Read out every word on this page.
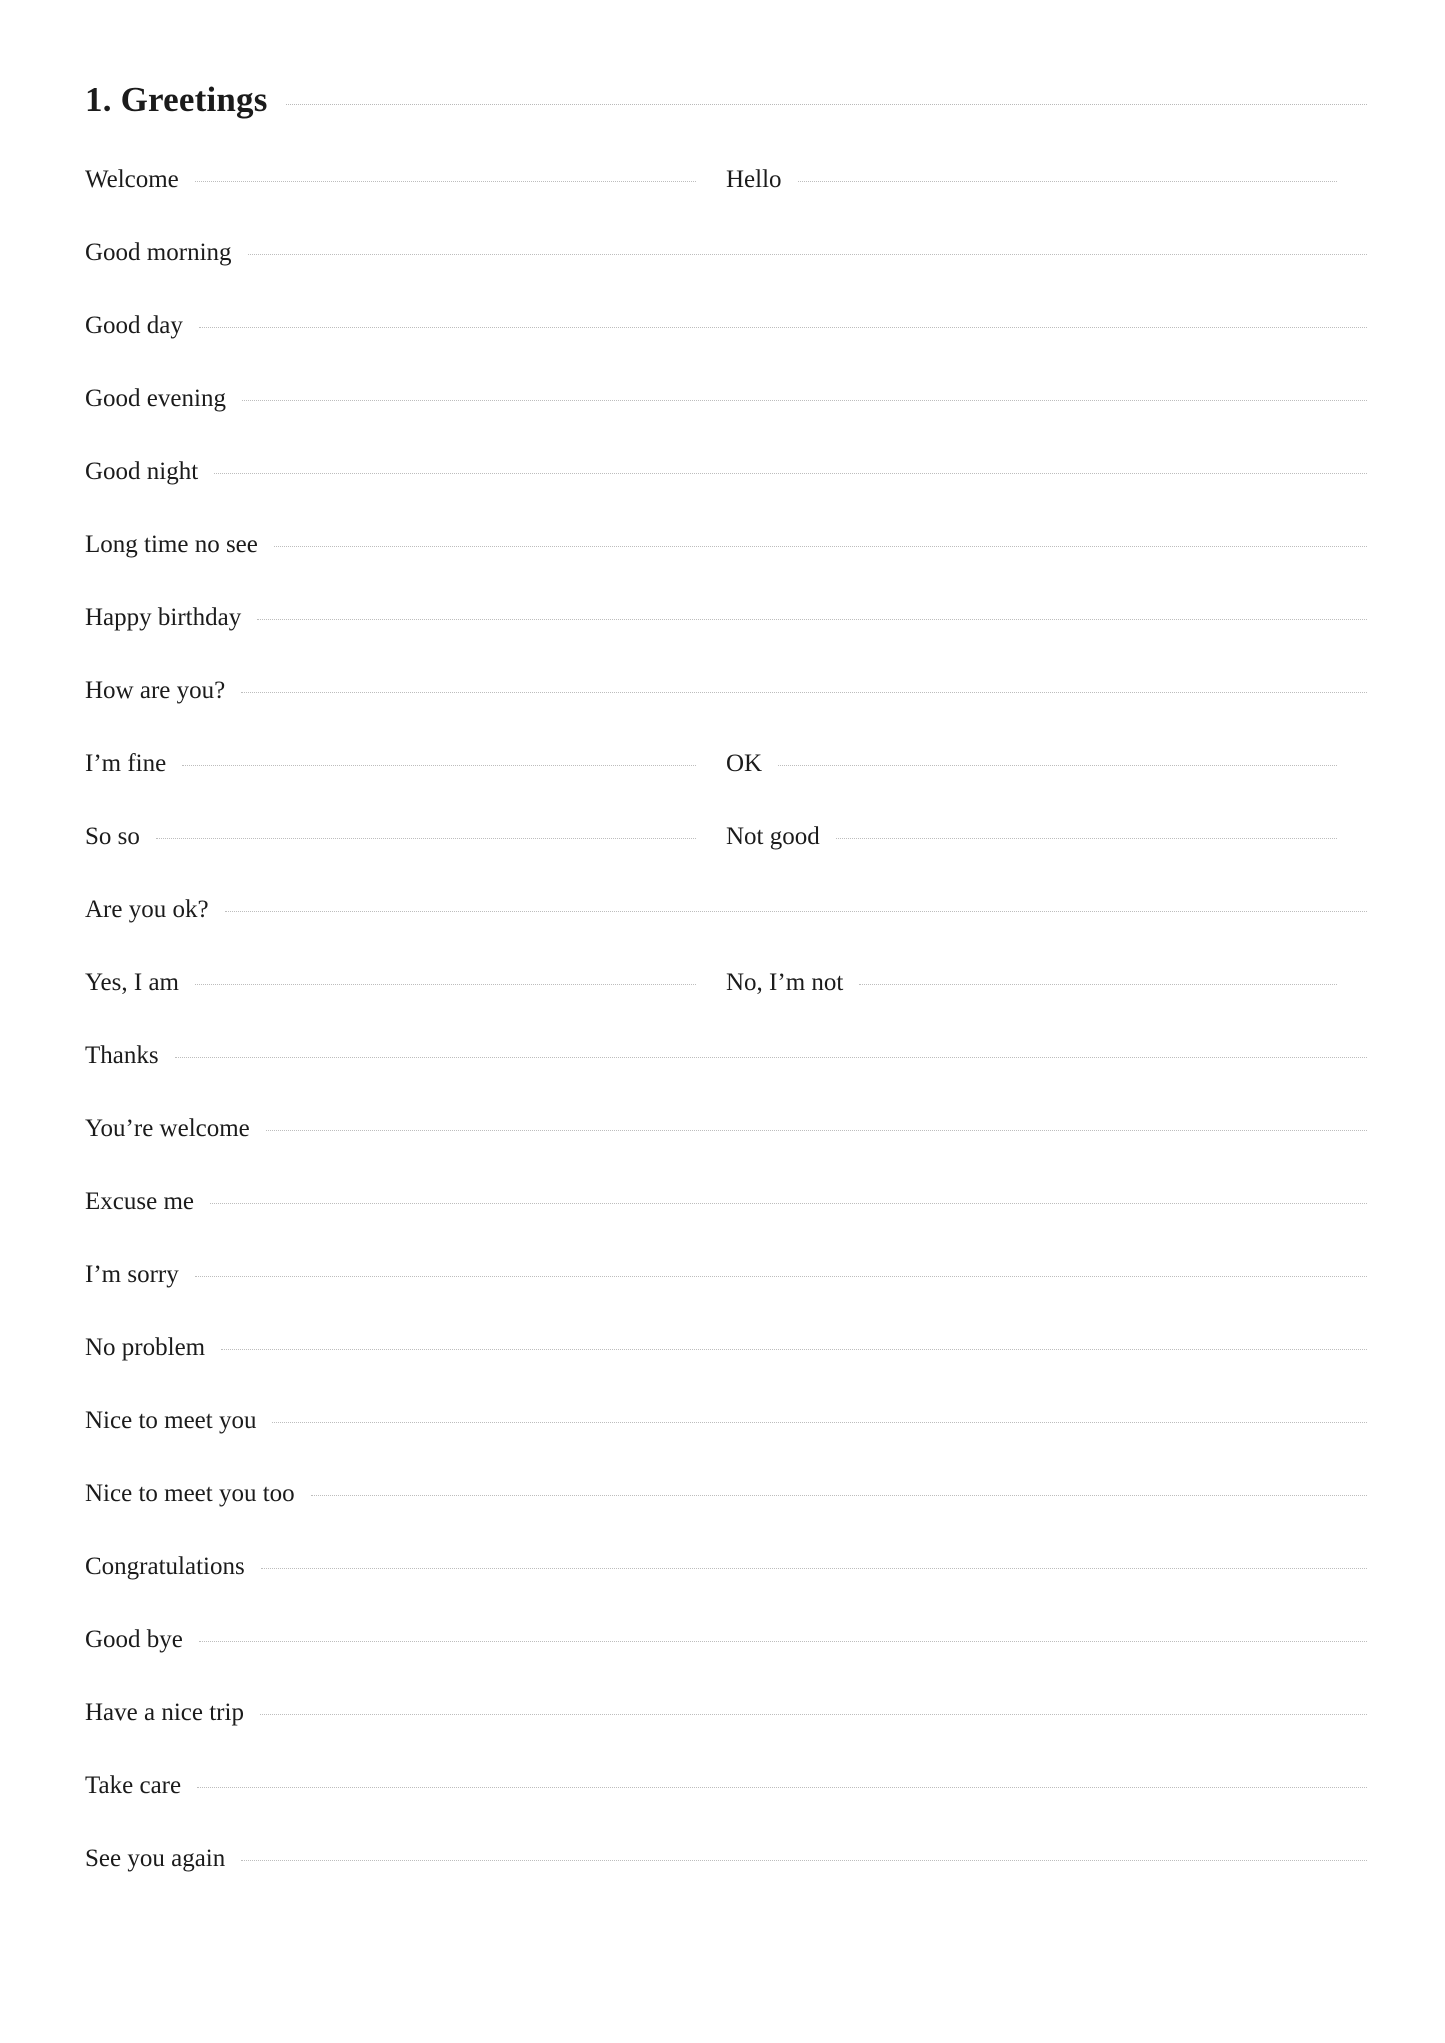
1. Greetings
Welcome	Hello
Good morning
Good day
Good evening
Good night
Long time no see
Happy birthday
How are you?
I’m fine	OK
So so	Not good
Are you ok?
Yes, I am	No, I’m not
Thanks
You’re welcome
Excuse me
I’m sorry
No problem
Nice to meet you
Nice to meet you too
Congratulations
Good bye
Have a nice trip
Take care
See you again
